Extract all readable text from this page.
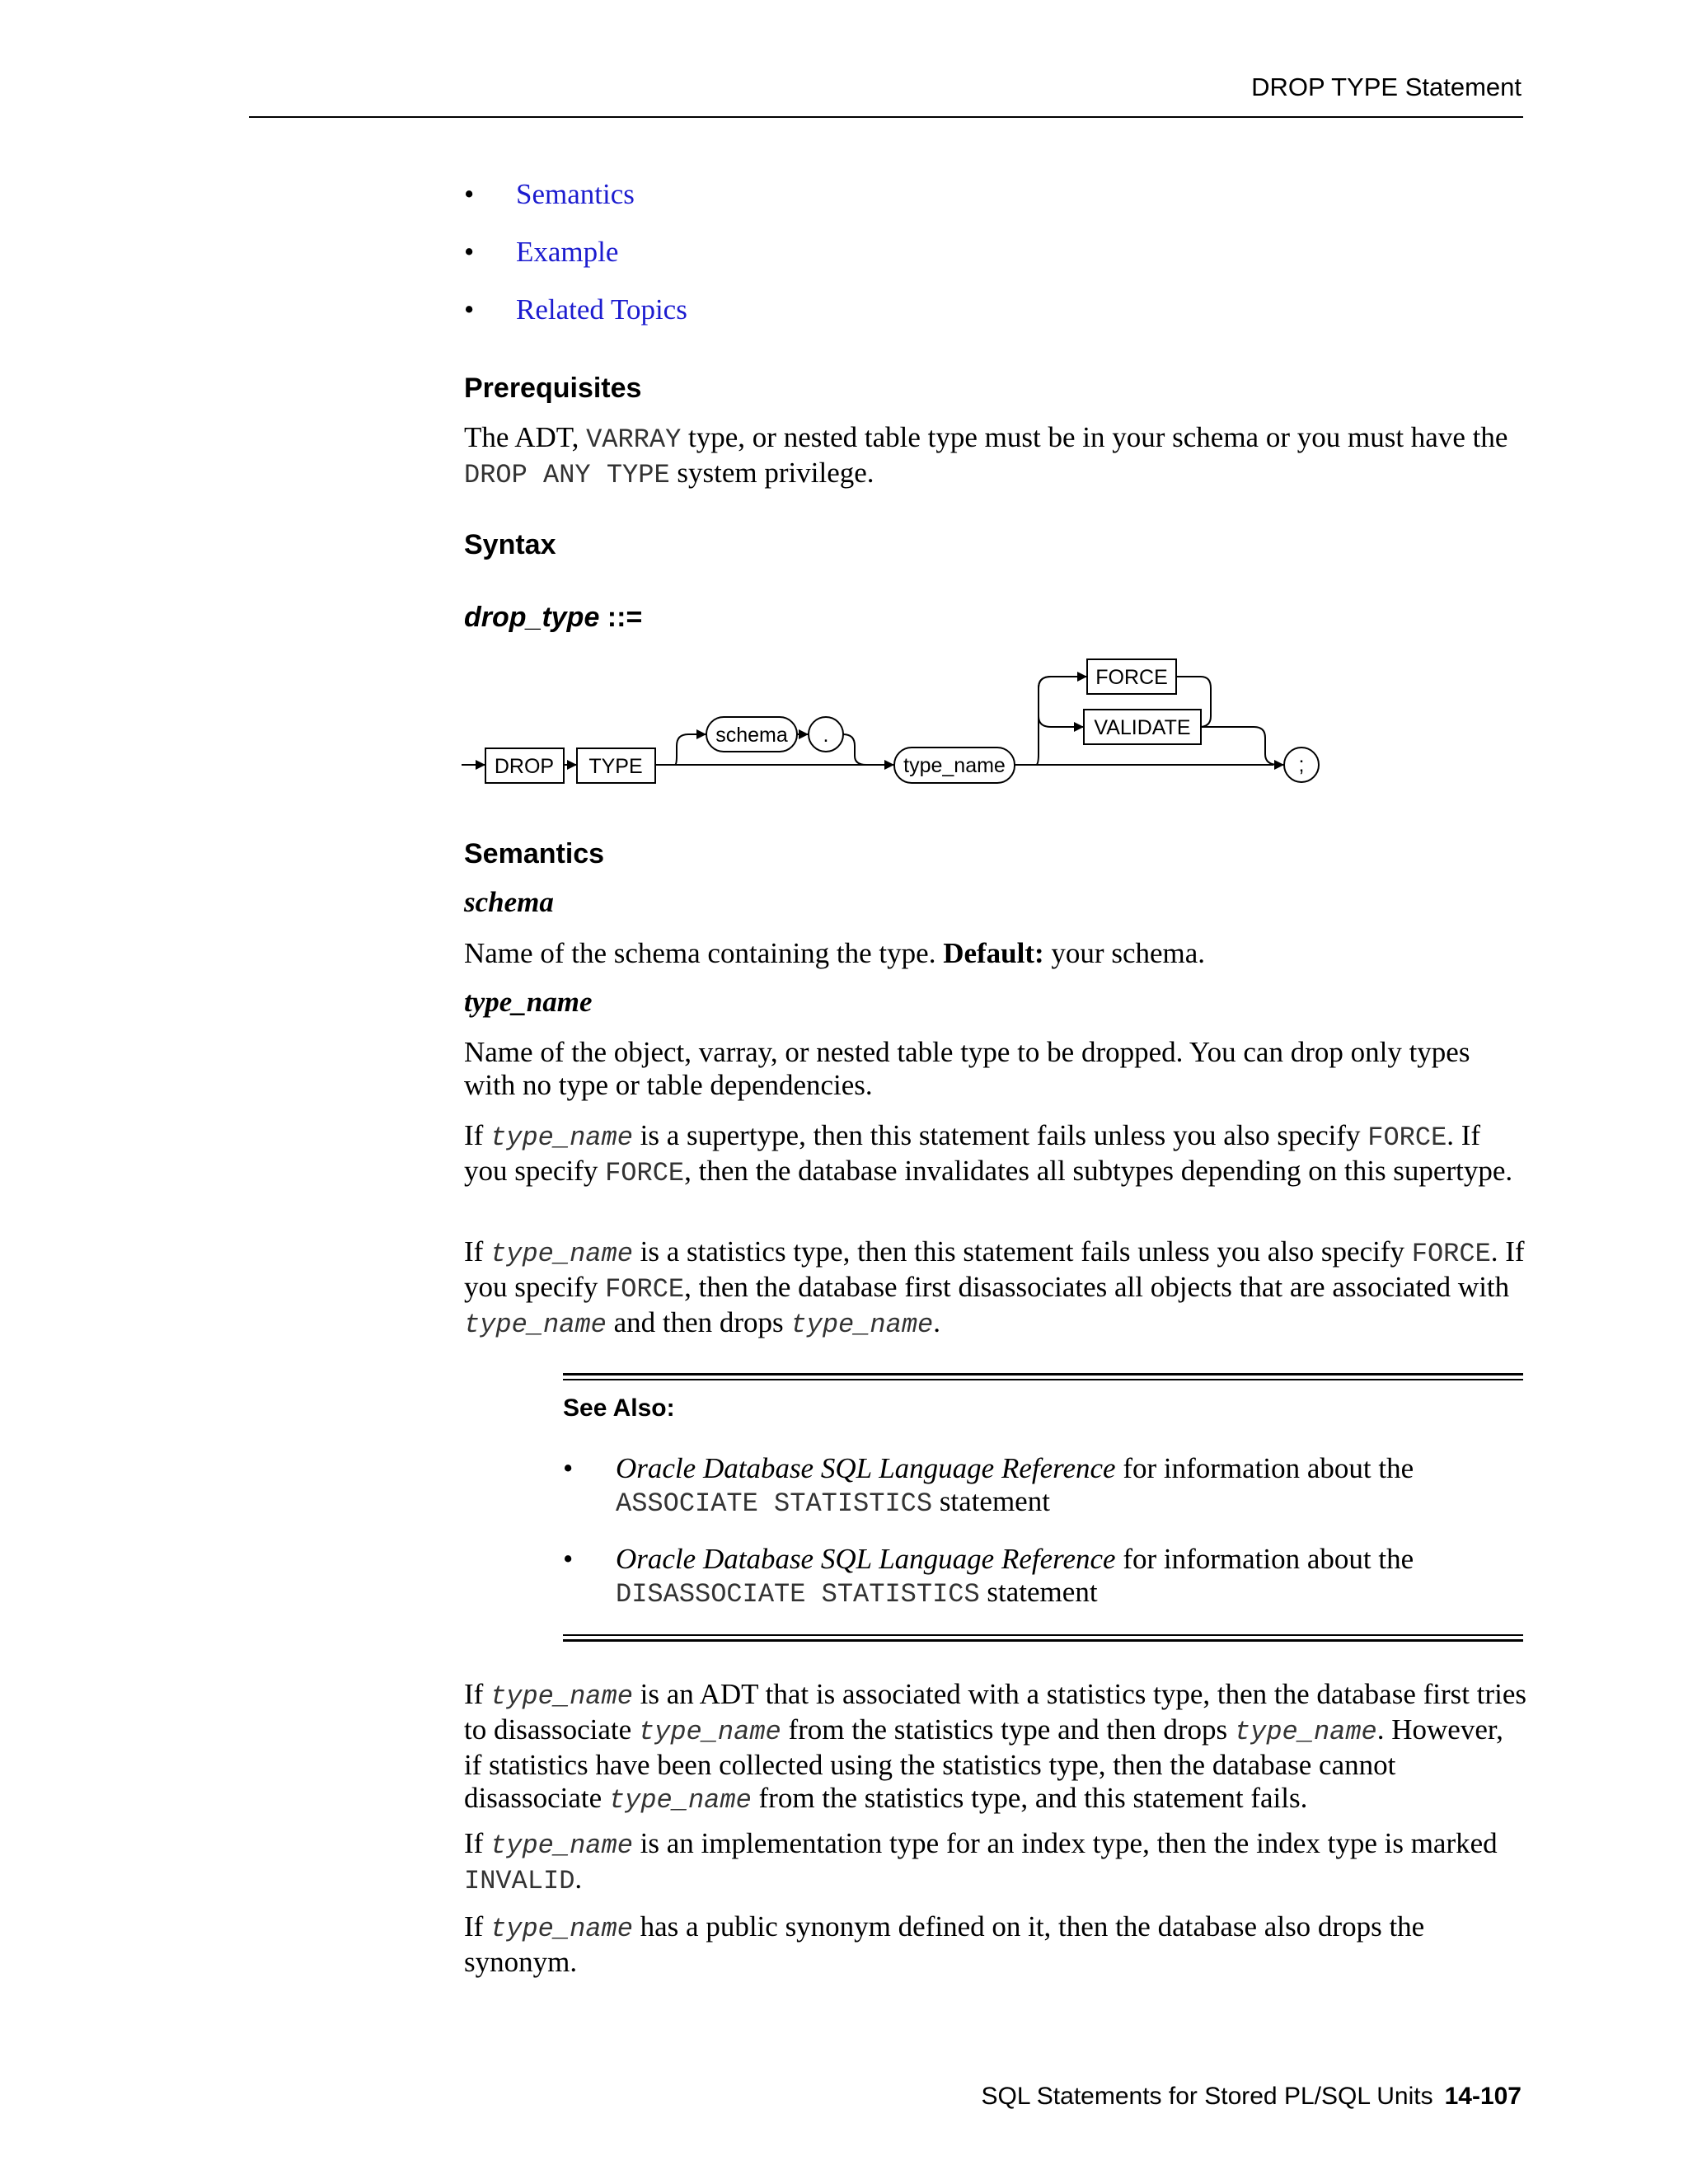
DROP TYPE Statement
• Semantics
• Example
• Related Topics
Prerequisites
The ADT, VARRAY type, or nested table type must be in your schema or you must have the DROP ANY TYPE system privilege.
Syntax
drop_type ::=
DROP TYPE
schema .
type_name
FORCE
VALIDATE
;
Semantics
schema
Name of the schema containing the type. Default: your schema.
type_name
Name of the object, varray, or nested table type to be dropped. You can drop only types with no type or table dependencies.
If type_name is a supertype, then this statement fails unless you also specify FORCE. If you specify FORCE, then the database invalidates all subtypes depending on this supertype.
If type_name is a statistics type, then this statement fails unless you also specify FORCE. If you specify FORCE, then the database first disassociates all objects that are associated with type_name and then drops type_name.
See Also:
• Oracle Database SQL Language Reference for information about the ASSOCIATE STATISTICS statement
• Oracle Database SQL Language Reference for information about the DISASSOCIATE STATISTICS statement
If type_name is an ADT that is associated with a statistics type, then the database first tries to disassociate type_name from the statistics type and then drops type_name. However, if statistics have been collected using the statistics type, then the database cannot disassociate type_name from the statistics type, and this statement fails.
If type_name is an implementation type for an index type, then the index type is marked INVALID.
If type_name has a public synonym defined on it, then the database also drops the synonym.
SQL Statements for Stored PL/SQL Units 14-107
